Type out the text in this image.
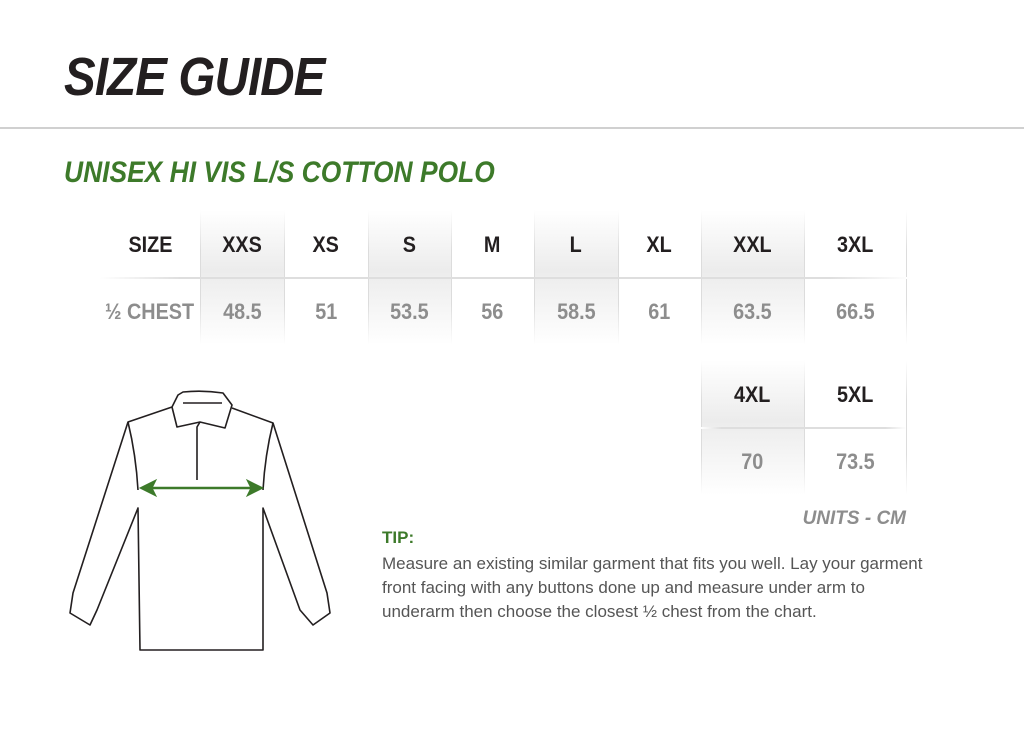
SIZE GUIDE
UNISEX HI VIS L/S COTTON POLO
UNITS - CM
TIP:
Measure an existing similar garment that fits you well. Lay your garment front facing with any buttons done up and measure under arm to underarm then choose the closest ½ chest from the chart.
XXS
48.5
XS
51
S
53.5
M
56
L
58.5
XL
61
XXL
63.5
3XL
66.5
SIZE
½ CHEST
4XL
70
5XL
73.5
